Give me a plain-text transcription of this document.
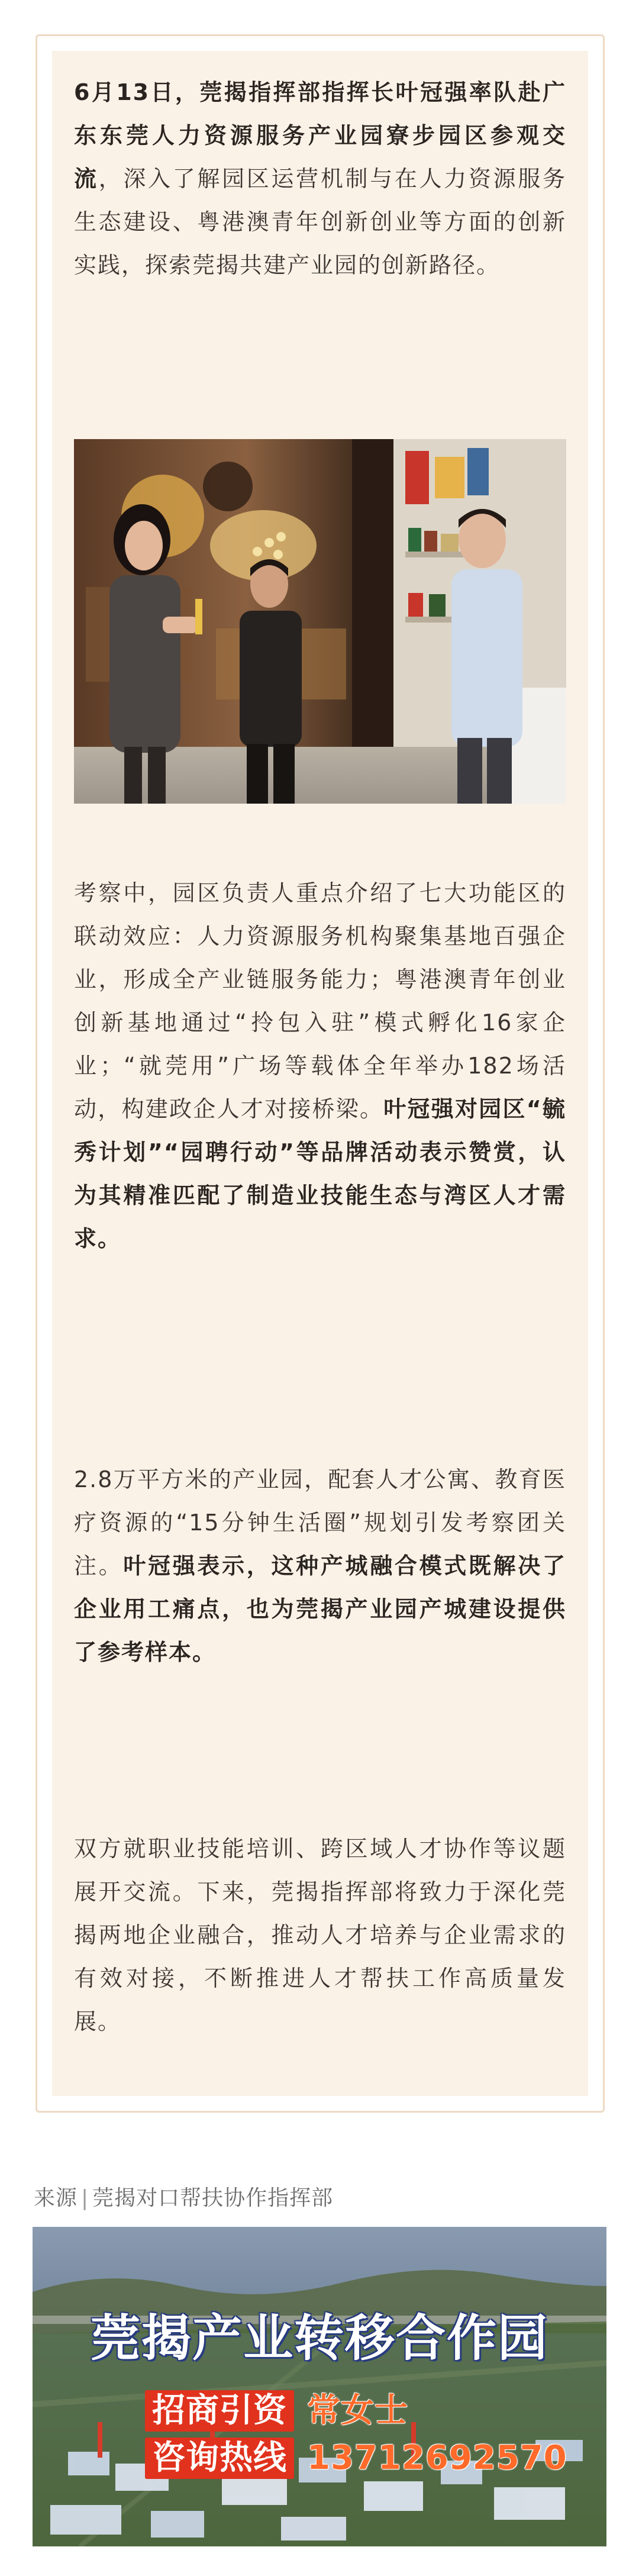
6月13日，莞揭指挥部指挥长叶冠强率队赴广东东莞人力资源服务产业园寮步园区参观交流，深入了解园区运营机制与在人力资源服务生态建设、粤港澳青年创新创业等方面的创新实践，探索莞揭共建产业园的创新路径。

考察中，园区负责人重点介绍了七大功能区的联动效应：人力资源服务机构聚集基地百强企业，形成全产业链服务能力；粤港澳青年创业创新基地通过“拎包入驻”模式孵化16家企业；“就莞用”广场等载体全年举办182场活动，构建政企人才对接桥梁。叶冠强对园区“毓秀计划”“园聘行动”等品牌活动表示赞赏，认为其精准匹配了制造业技能生态与湾区人才需求。

2.8万平方米的产业园，配套人才公寓、教育医疗资源的“15分钟生活圈”规划引发考察团关注。叶冠强表示，这种产城融合模式既解决了企业用工痛点，也为莞揭产业园产城建设提供了参考样本。

双方就职业技能培训、跨区域人才协作等议题展开交流。下来，莞揭指挥部将致力于深化莞揭两地企业融合，推动人才培养与企业需求的有效对接，不断推进人才帮扶工作高质量发展。

来源 | 莞揭对口帮扶协作指挥部
莞揭产业转移合作园
招商引资 常女士
咨询热线 13712692570
